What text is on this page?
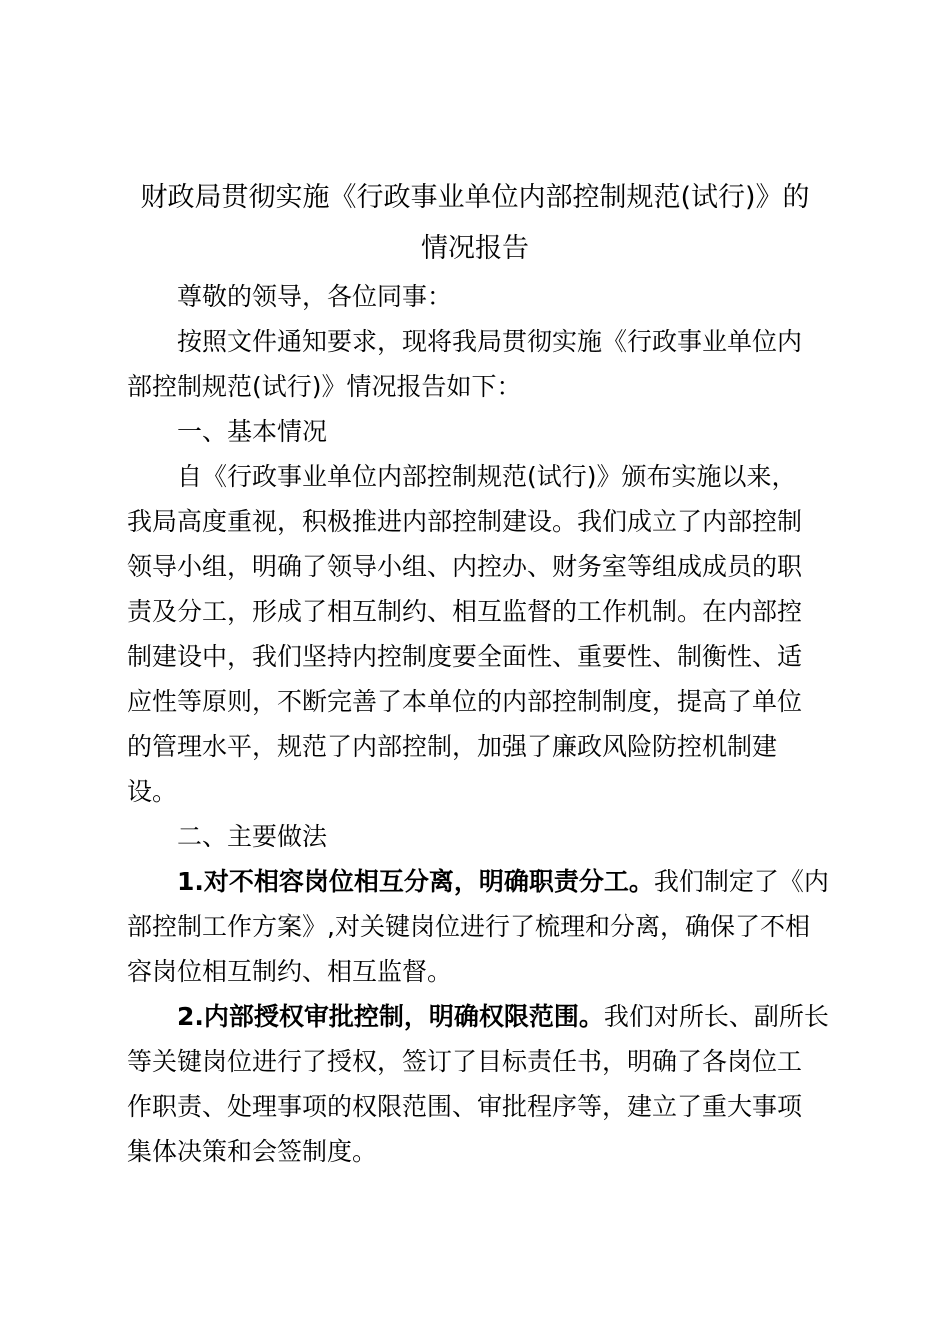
财政局贯彻实施《行政事业单位内部控制规范(试行)》的
情况报告
尊敬的领导，各位同事：
按照文件通知要求，现将我局贯彻实施《行政事业单位内
部控制规范(试行)》情况报告如下：
一、基本情况
自《行政事业单位内部控制规范(试行)》颁布实施以来，
我局高度重视，积极推进内部控制建设。我们成立了内部控制
领导小组，明确了领导小组、内控办、财务室等组成成员的职
责及分工，形成了相互制约、相互监督的工作机制。在内部控
制建设中，我们坚持内控制度要全面性、重要性、制衡性、适
应性等原则，不断完善了本单位的内部控制制度，提高了单位
的管理水平，规范了内部控制，加强了廉政风险防控机制建
设。
二、主要做法
1.对不相容岗位相互分离，明确职责分工。我们制定了《内
部控制工作方案》,对关键岗位进行了梳理和分离，确保了不相
容岗位相互制约、相互监督。
2.内部授权审批控制，明确权限范围。我们对所长、副所长
等关键岗位进行了授权，签订了目标责任书，明确了各岗位工
作职责、处理事项的权限范围、审批程序等，建立了重大事项
集体决策和会签制度。
